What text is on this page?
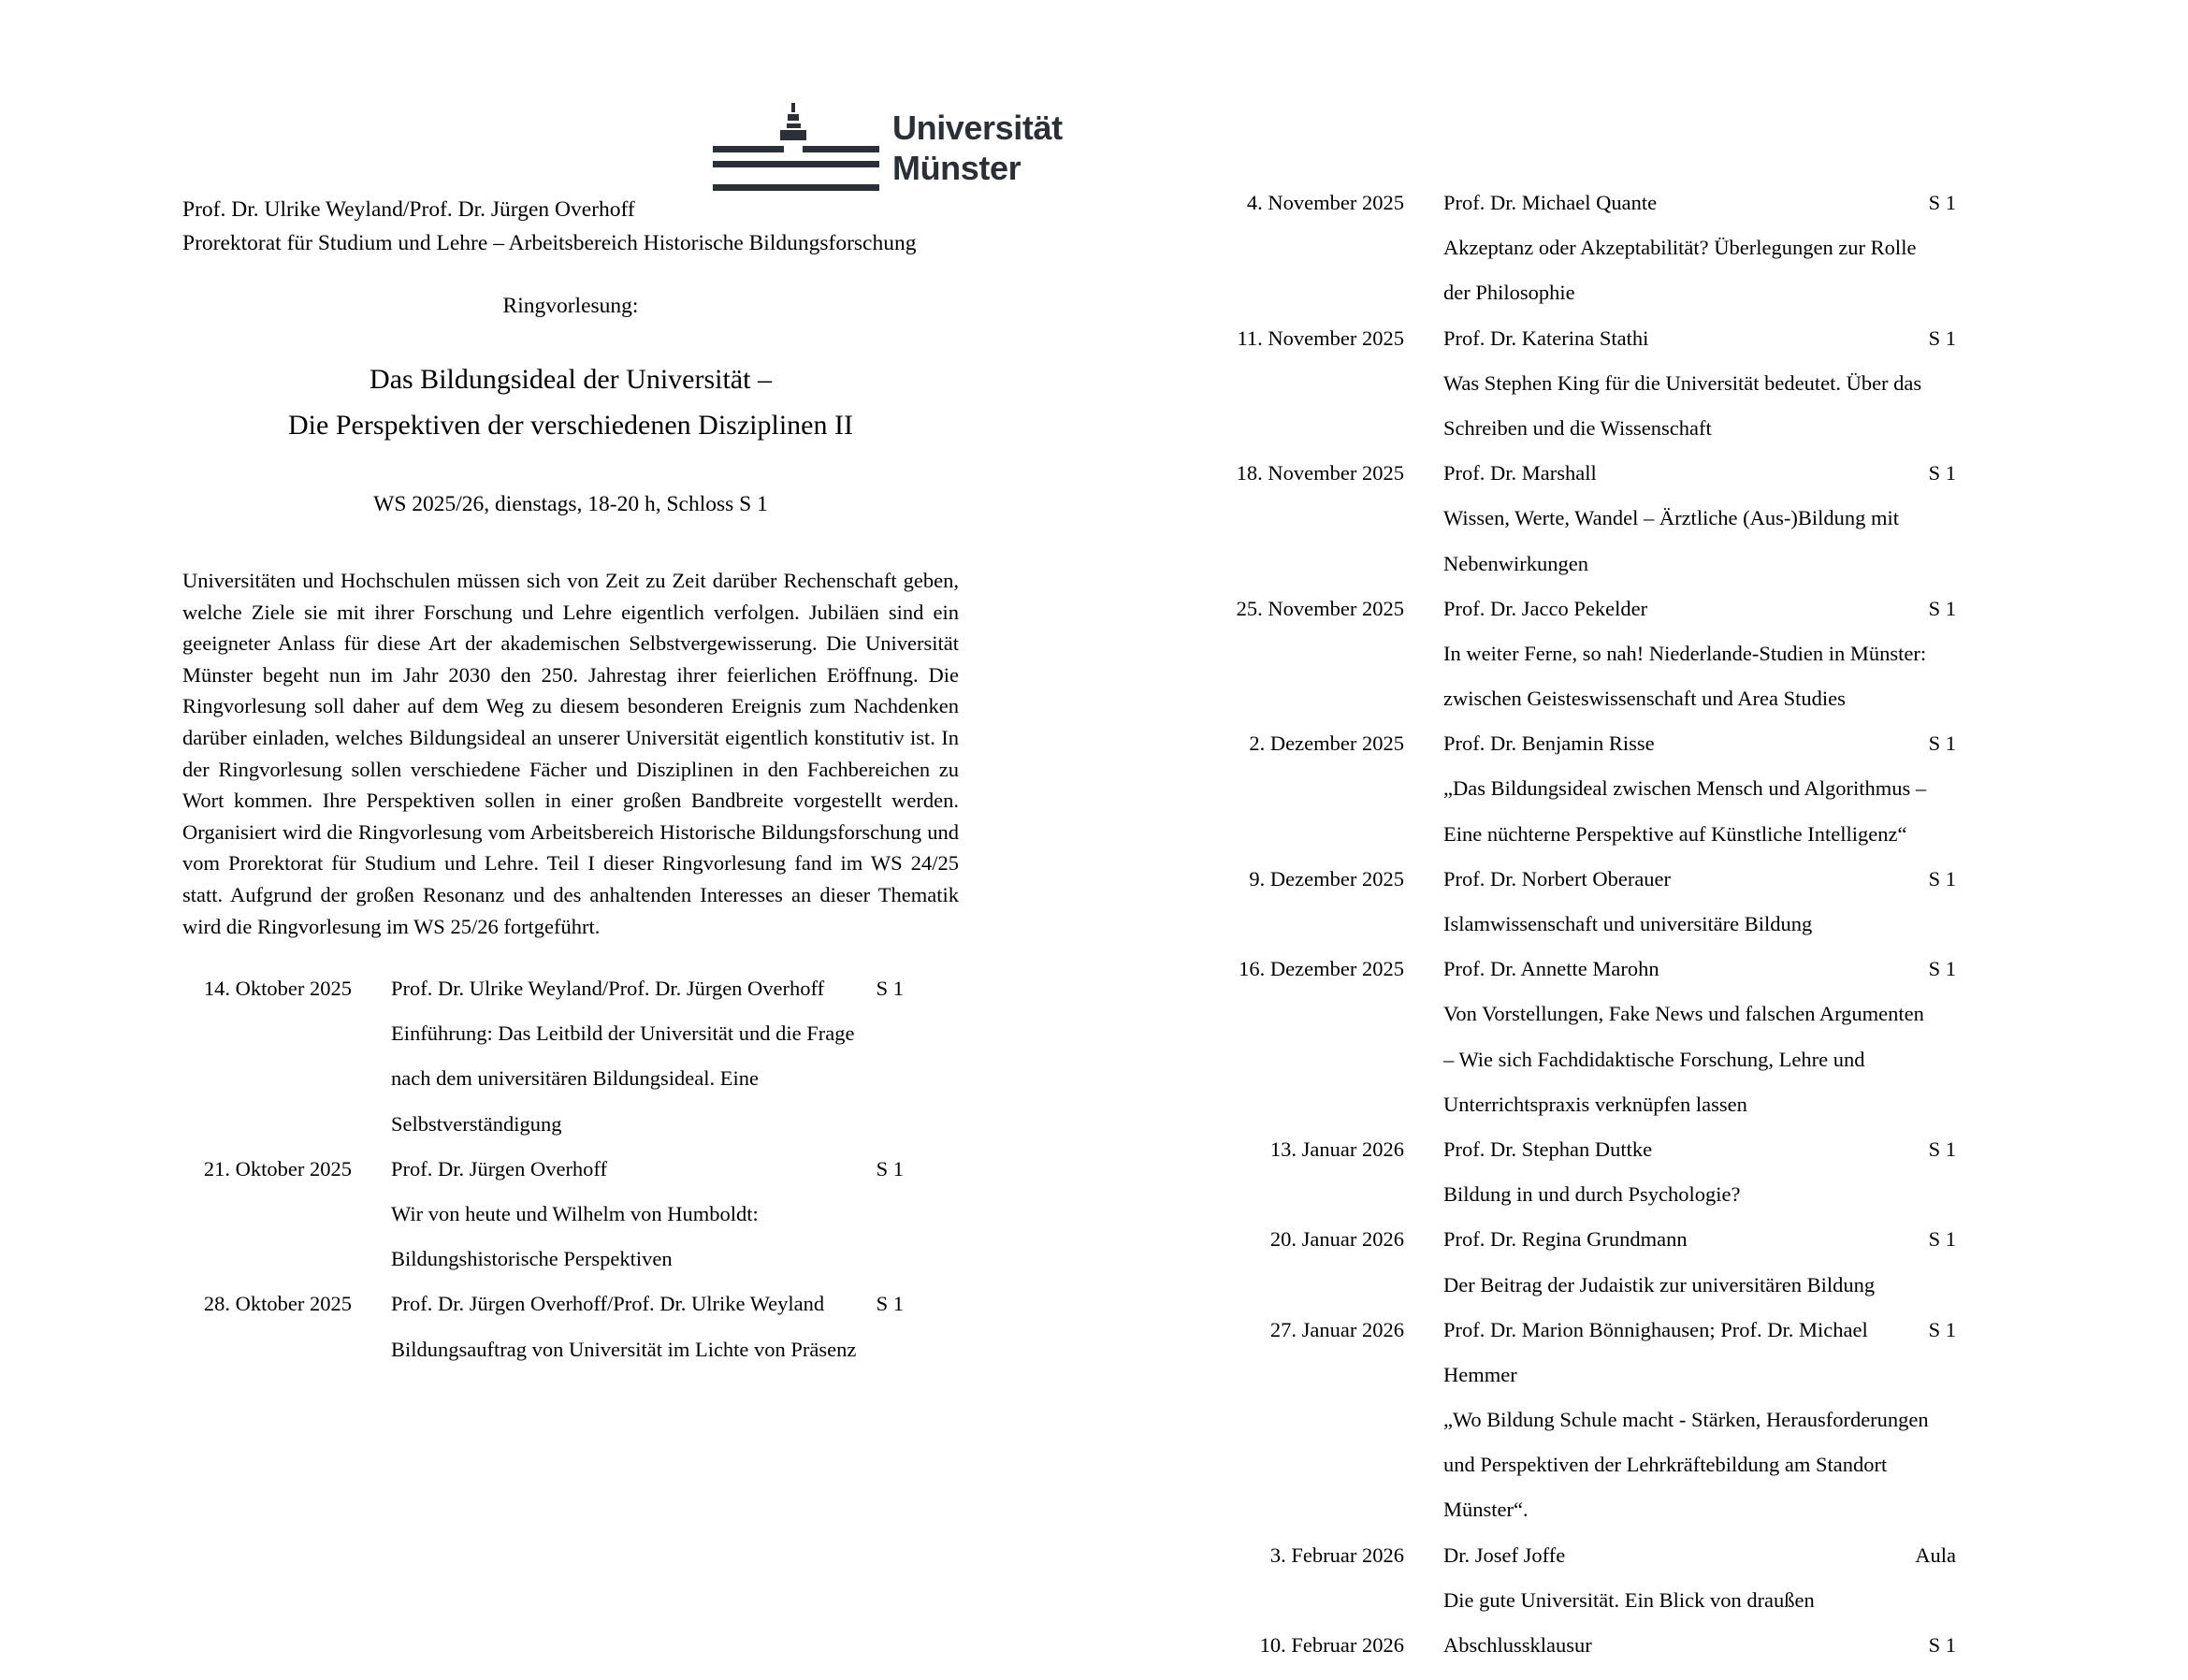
Universität
Münster
Prof. Dr. Ulrike Weyland/Prof. Dr. Jürgen Overhoff
Prorektorat für Studium und Lehre – Arbeitsbereich Historische Bildungsforschung
Ringvorlesung:
Das Bildungsideal der Universität –
Die Perspektiven der verschiedenen Disziplinen II
WS 2025/26, dienstags, 18-20 h, Schloss S 1

Universitäten und Hochschulen müssen sich von Zeit zu Zeit darüber Rechenschaft geben, welche Ziele sie mit ihrer Forschung und Lehre eigentlich verfolgen. Jubiläen sind ein geeigneter Anlass für diese Art der akademischen Selbstvergewisserung. Die Universität Münster begeht nun im Jahr 2030 den 250. Jahrestag ihrer feierlichen Eröffnung. Die Ringvorlesung soll daher auf dem Weg zu diesem besonderen Ereignis zum Nachdenken darüber einladen, welches Bildungsideal an unserer Universität eigentlich konstitutiv ist. In der Ringvorlesung sollen verschiedene Fächer und Disziplinen in den Fachbereichen zu Wort kommen. Ihre Perspektiven sollen in einer großen Bandbreite vorgestellt werden. Organisiert wird die Ringvorlesung vom Arbeitsbereich Historische Bildungsforschung und vom Prorektorat für Studium und Lehre. Teil I dieser Ringvorlesung fand im WS 24/25 statt. Aufgrund der großen Resonanz und des anhaltenden Interesses an dieser Thematik wird die Ringvorlesung im WS 25/26 fortgeführt.

14. Oktober 2025 Prof. Dr. Ulrike Weyland/Prof. Dr. Jürgen Overhoff	S 1
Einführung: Das Leitbild der Universität und die Frage
nach dem universitären Bildungsideal. Eine
Selbstverständigung
21. Oktober 2025 Prof. Dr. Jürgen Overhoff	S 1
Wir von heute und Wilhelm von Humboldt:
Bildungshistorische Perspektiven
28. Oktober 2025 Prof. Dr. Jürgen Overhoff/Prof. Dr. Ulrike Weyland	S 1
Bildungsauftrag von Universität im Lichte von Präsenz
4. November 2025 Prof. Dr. Michael Quante	S 1
Akzeptanz oder Akzeptabilität? Überlegungen zur Rolle
der Philosophie
11. November 2025 Prof. Dr. Katerina Stathi	S 1
Was Stephen King für die Universität bedeutet. Über das
Schreiben und die Wissenschaft
18. November 2025 Prof. Dr. Marshall	S 1
Wissen, Werte, Wandel – Ärztliche (Aus-)Bildung mit
Nebenwirkungen
25. November 2025 Prof. Dr. Jacco Pekelder	S 1
In weiter Ferne, so nah! Niederlande-Studien in Münster:
zwischen Geisteswissenschaft und Area Studies
2. Dezember 2025 Prof. Dr. Benjamin Risse	S 1
„Das Bildungsideal zwischen Mensch und Algorithmus –
Eine nüchterne Perspektive auf Künstliche Intelligenz“
9. Dezember 2025 Prof. Dr. Norbert Oberauer	S 1
Islamwissenschaft und universitäre Bildung
16. Dezember 2025 Prof. Dr. Annette Marohn	S 1
Von Vorstellungen, Fake News und falschen Argumenten
– Wie sich Fachdidaktische Forschung, Lehre und
Unterrichtspraxis verknüpfen lassen
13. Januar 2026 Prof. Dr. Stephan Duttke	S 1
Bildung in und durch Psychologie?
20. Januar 2026 Prof. Dr. Regina Grundmann	S 1
Der Beitrag der Judaistik zur universitären Bildung
27. Januar 2026 Prof. Dr. Marion Bönnighausen; Prof. Dr. Michael	S 1
Hemmer
„Wo Bildung Schule macht - Stärken, Herausforderungen
und Perspektiven der Lehrkräftebildung am Standort
Münster“.
3. Februar 2026 Dr. Josef Joffe	Aula
Die gute Universität. Ein Blick von draußen
10. Februar 2026 Abschlussklausur	S 1
